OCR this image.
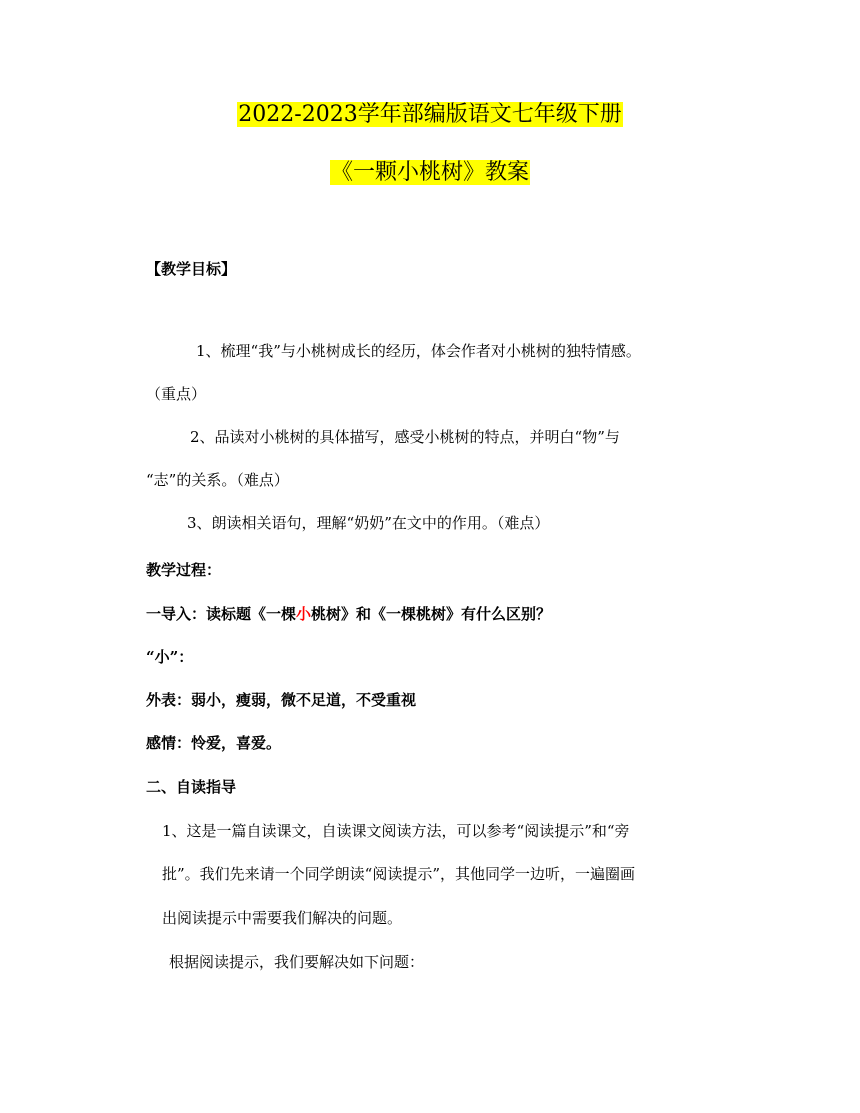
2022-2023学年部编版语文七年级下册
《一颗小桃树》教案
【教学目标】
1、梳理“我”与小桃树成长的经历，体会作者对小桃树的独特情感。
（重点）
2、品读对小桃树的具体描写，感受小桃树的特点，并明白“物”与
“志”的关系。（难点）
3、朗读相关语句，理解“奶奶”在文中的作用。（难点）
教学过程：
一导入：读标题《一棵小桃树》和《一棵桃树》有什么区别？
“小”：
外表：弱小，瘦弱，微不足道，不受重视
感情：怜爱，喜爱。
二、自读指导
1、这是一篇自读课文，自读课文阅读方法，可以参考“阅读提示”和“旁
批”。我们先来请一个同学朗读“阅读提示”，其他同学一边听，一遍圈画
出阅读提示中需要我们解决的问题。
根据阅读提示，我们要解决如下问题：
